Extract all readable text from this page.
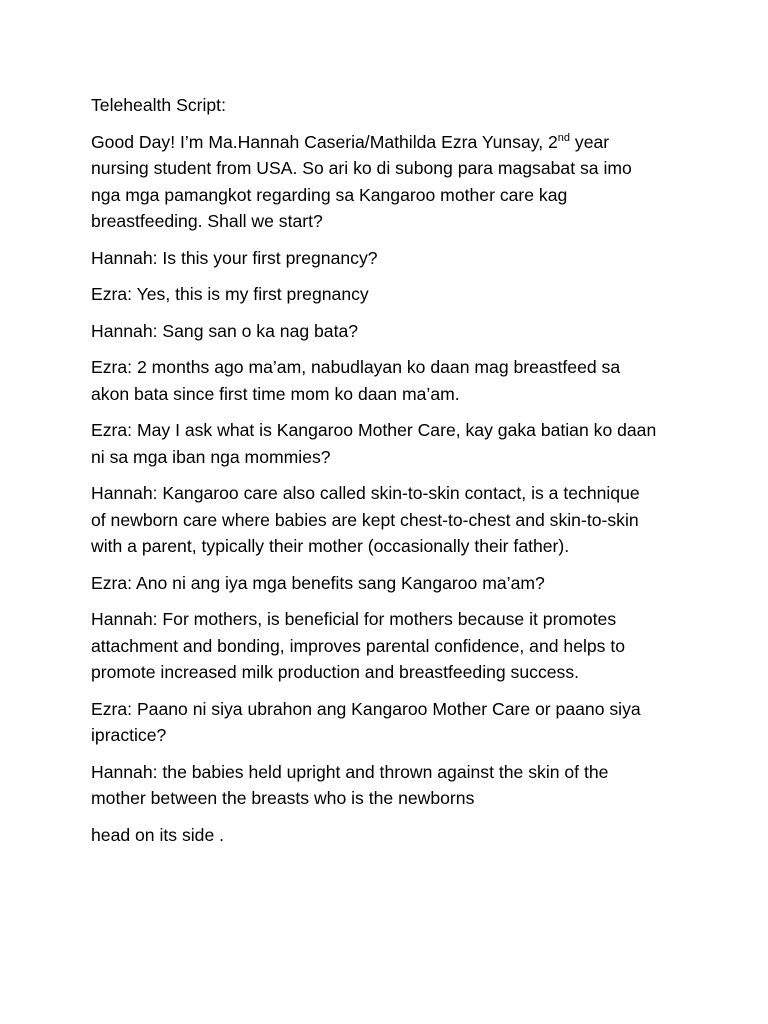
Telehealth Script:

Good Day! I’m Ma.Hannah Caseria/Mathilda Ezra Yunsay, 2nd year
nursing student from USA. So ari ko di subong para magsabat sa imo
nga mga pamangkot regarding sa Kangaroo mother care kag
breastfeeding. Shall we start?

Hannah: Is this your first pregnancy?

Ezra: Yes, this is my first pregnancy

Hannah: Sang san o ka nag bata?

Ezra: 2 months ago ma’am, nabudlayan ko daan mag breastfeed sa
akon bata since first time mom ko daan ma’am.

Ezra: May I ask what is Kangaroo Mother Care, kay gaka batian ko daan
ni sa mga iban nga mommies?

Hannah: Kangaroo care also called skin-to-skin contact, is a technique
of newborn care where babies are kept chest-to-chest and skin-to-skin
with a parent, typically their mother (occasionally their father).

Ezra: Ano ni ang iya mga benefits sang Kangaroo ma’am?

Hannah: For mothers, is beneficial for mothers because it promotes
attachment and bonding, improves parental confidence, and helps to
promote increased milk production and breastfeeding success.

Ezra: Paano ni siya ubrahon ang Kangaroo Mother Care or paano siya
ipractice?

Hannah: the babies held upright and thrown against the skin of the
mother between the breasts who is the newborns

head on its side .
